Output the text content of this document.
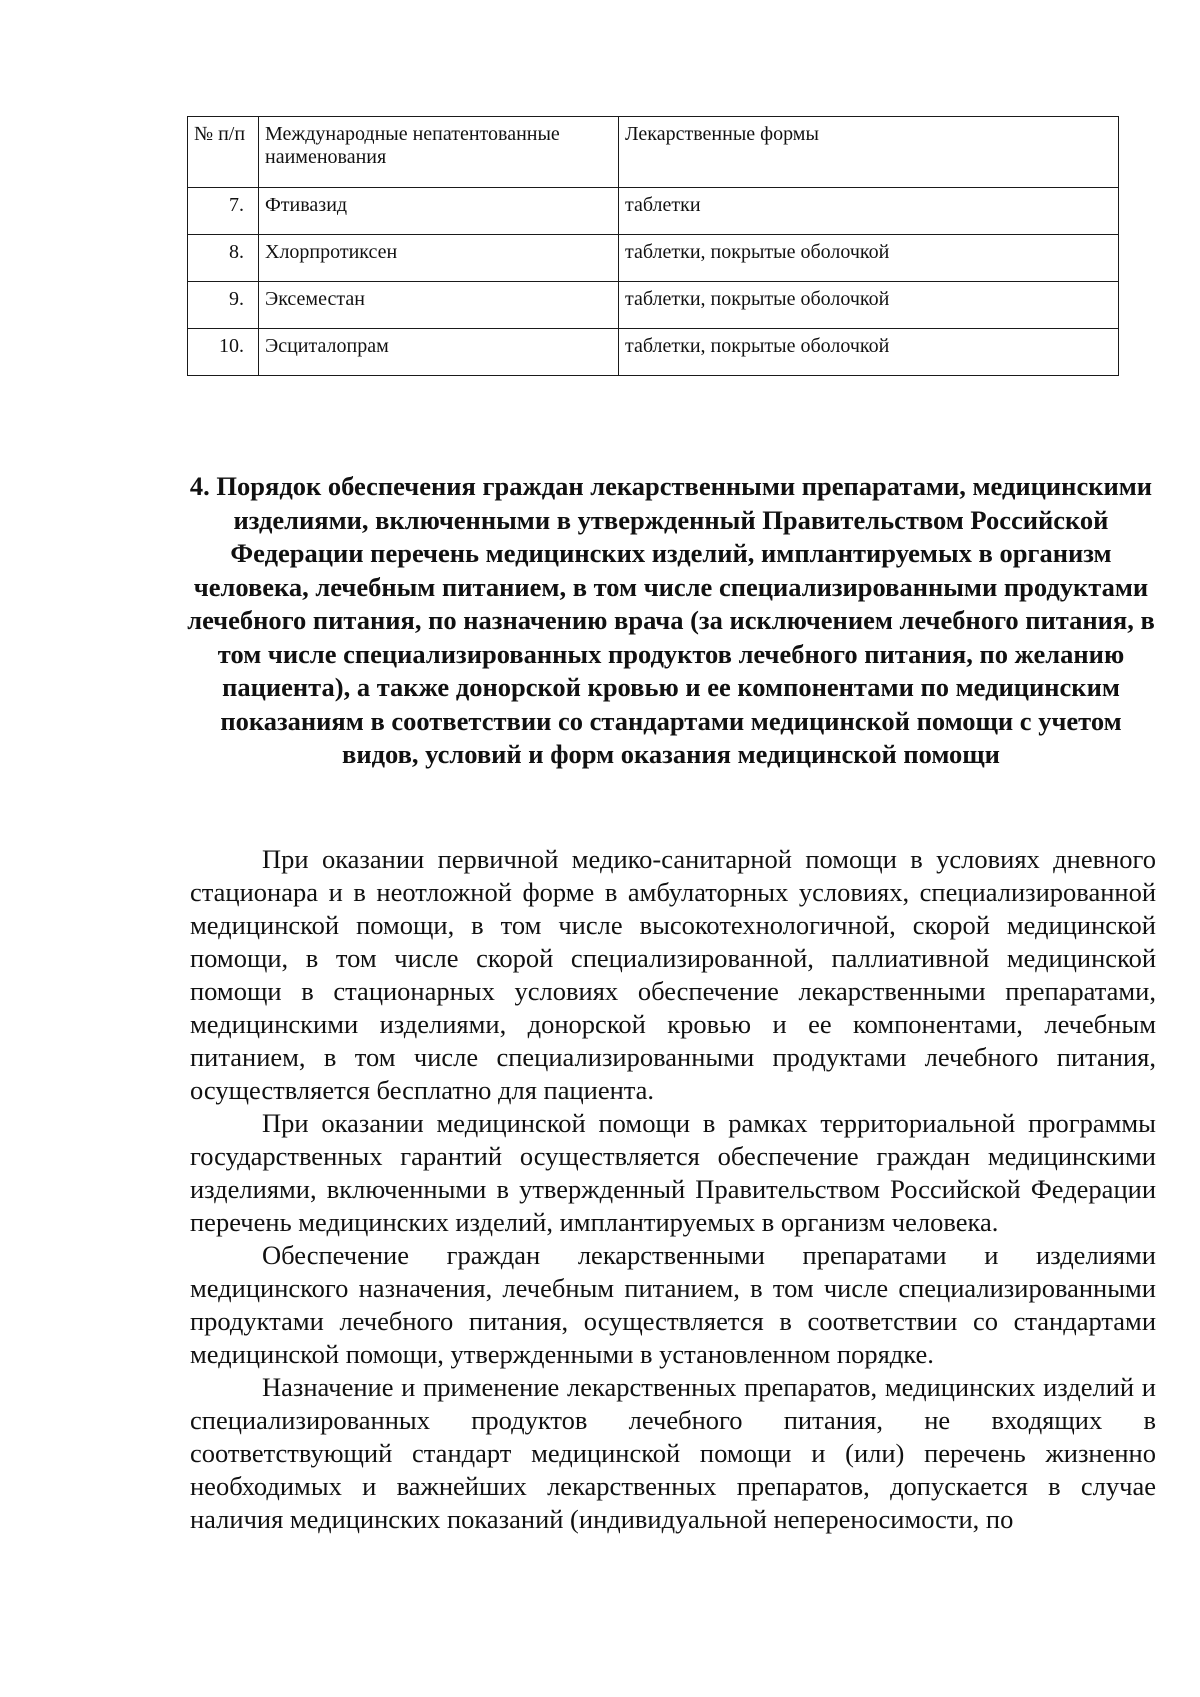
№ п/п	Международные непатентованные наименования	Лекарственные формы
7.	Фтивазид	таблетки
8.	Хлорпротиксен	таблетки, покрытые оболочкой
9.	Эксеместан	таблетки, покрытые оболочкой
10.	Эсциталопрам	таблетки, покрытые оболочкой
4. Порядок обеспечения граждан лекарственными препаратами, медицинскими изделиями, включенными в утвержденный Правительством Российской Федерации перечень медицинских изделий, имплантируемых в организм человека, лечебным питанием, в том числе специализированными продуктами лечебного питания, по назначению врача (за исключением лечебного питания, в том числе специализированных продуктов лечебного питания, по желанию пациента), а также донорской кровью и ее компонентами по медицинским показаниям в соответствии со стандартами медицинской помощи с учетом видов, условий и форм оказания медицинской помощи

При оказании первичной медико-санитарной помощи в условиях дневного стационара и в неотложной форме в амбулаторных условиях, специализированной медицинской помощи, в том числе высокотехнологичной, скорой медицинской помощи, в том числе скорой специализированной, паллиативной медицинской помощи в стационарных условиях обеспечение лекарственными препаратами, медицинскими изделиями, донорской кровью и ее компонентами, лечебным питанием, в том числе специализированными продуктами лечебного питания, осуществляется бесплатно для пациента.

При оказании медицинской помощи в рамках территориальной программы государственных гарантий осуществляется обеспечение граждан медицинскими изделиями, включенными в утвержденный Правительством Российской Федерации перечень медицинских изделий, имплантируемых в организм человека.

Обеспечение граждан лекарственными препаратами и изделиями медицинского назначения, лечебным питанием, в том числе специализированными продуктами лечебного питания, осуществляется в соответствии со стандартами медицинской помощи, утвержденными в установленном порядке.

Назначение и применение лекарственных препаратов, медицинских изделий и специализированных продуктов лечебного питания, не входящих в соответствующий стандарт медицинской помощи и (или) перечень жизненно необходимых и важнейших лекарственных препаратов, допускается в случае наличия медицинских показаний (индивидуальной непереносимости, по
